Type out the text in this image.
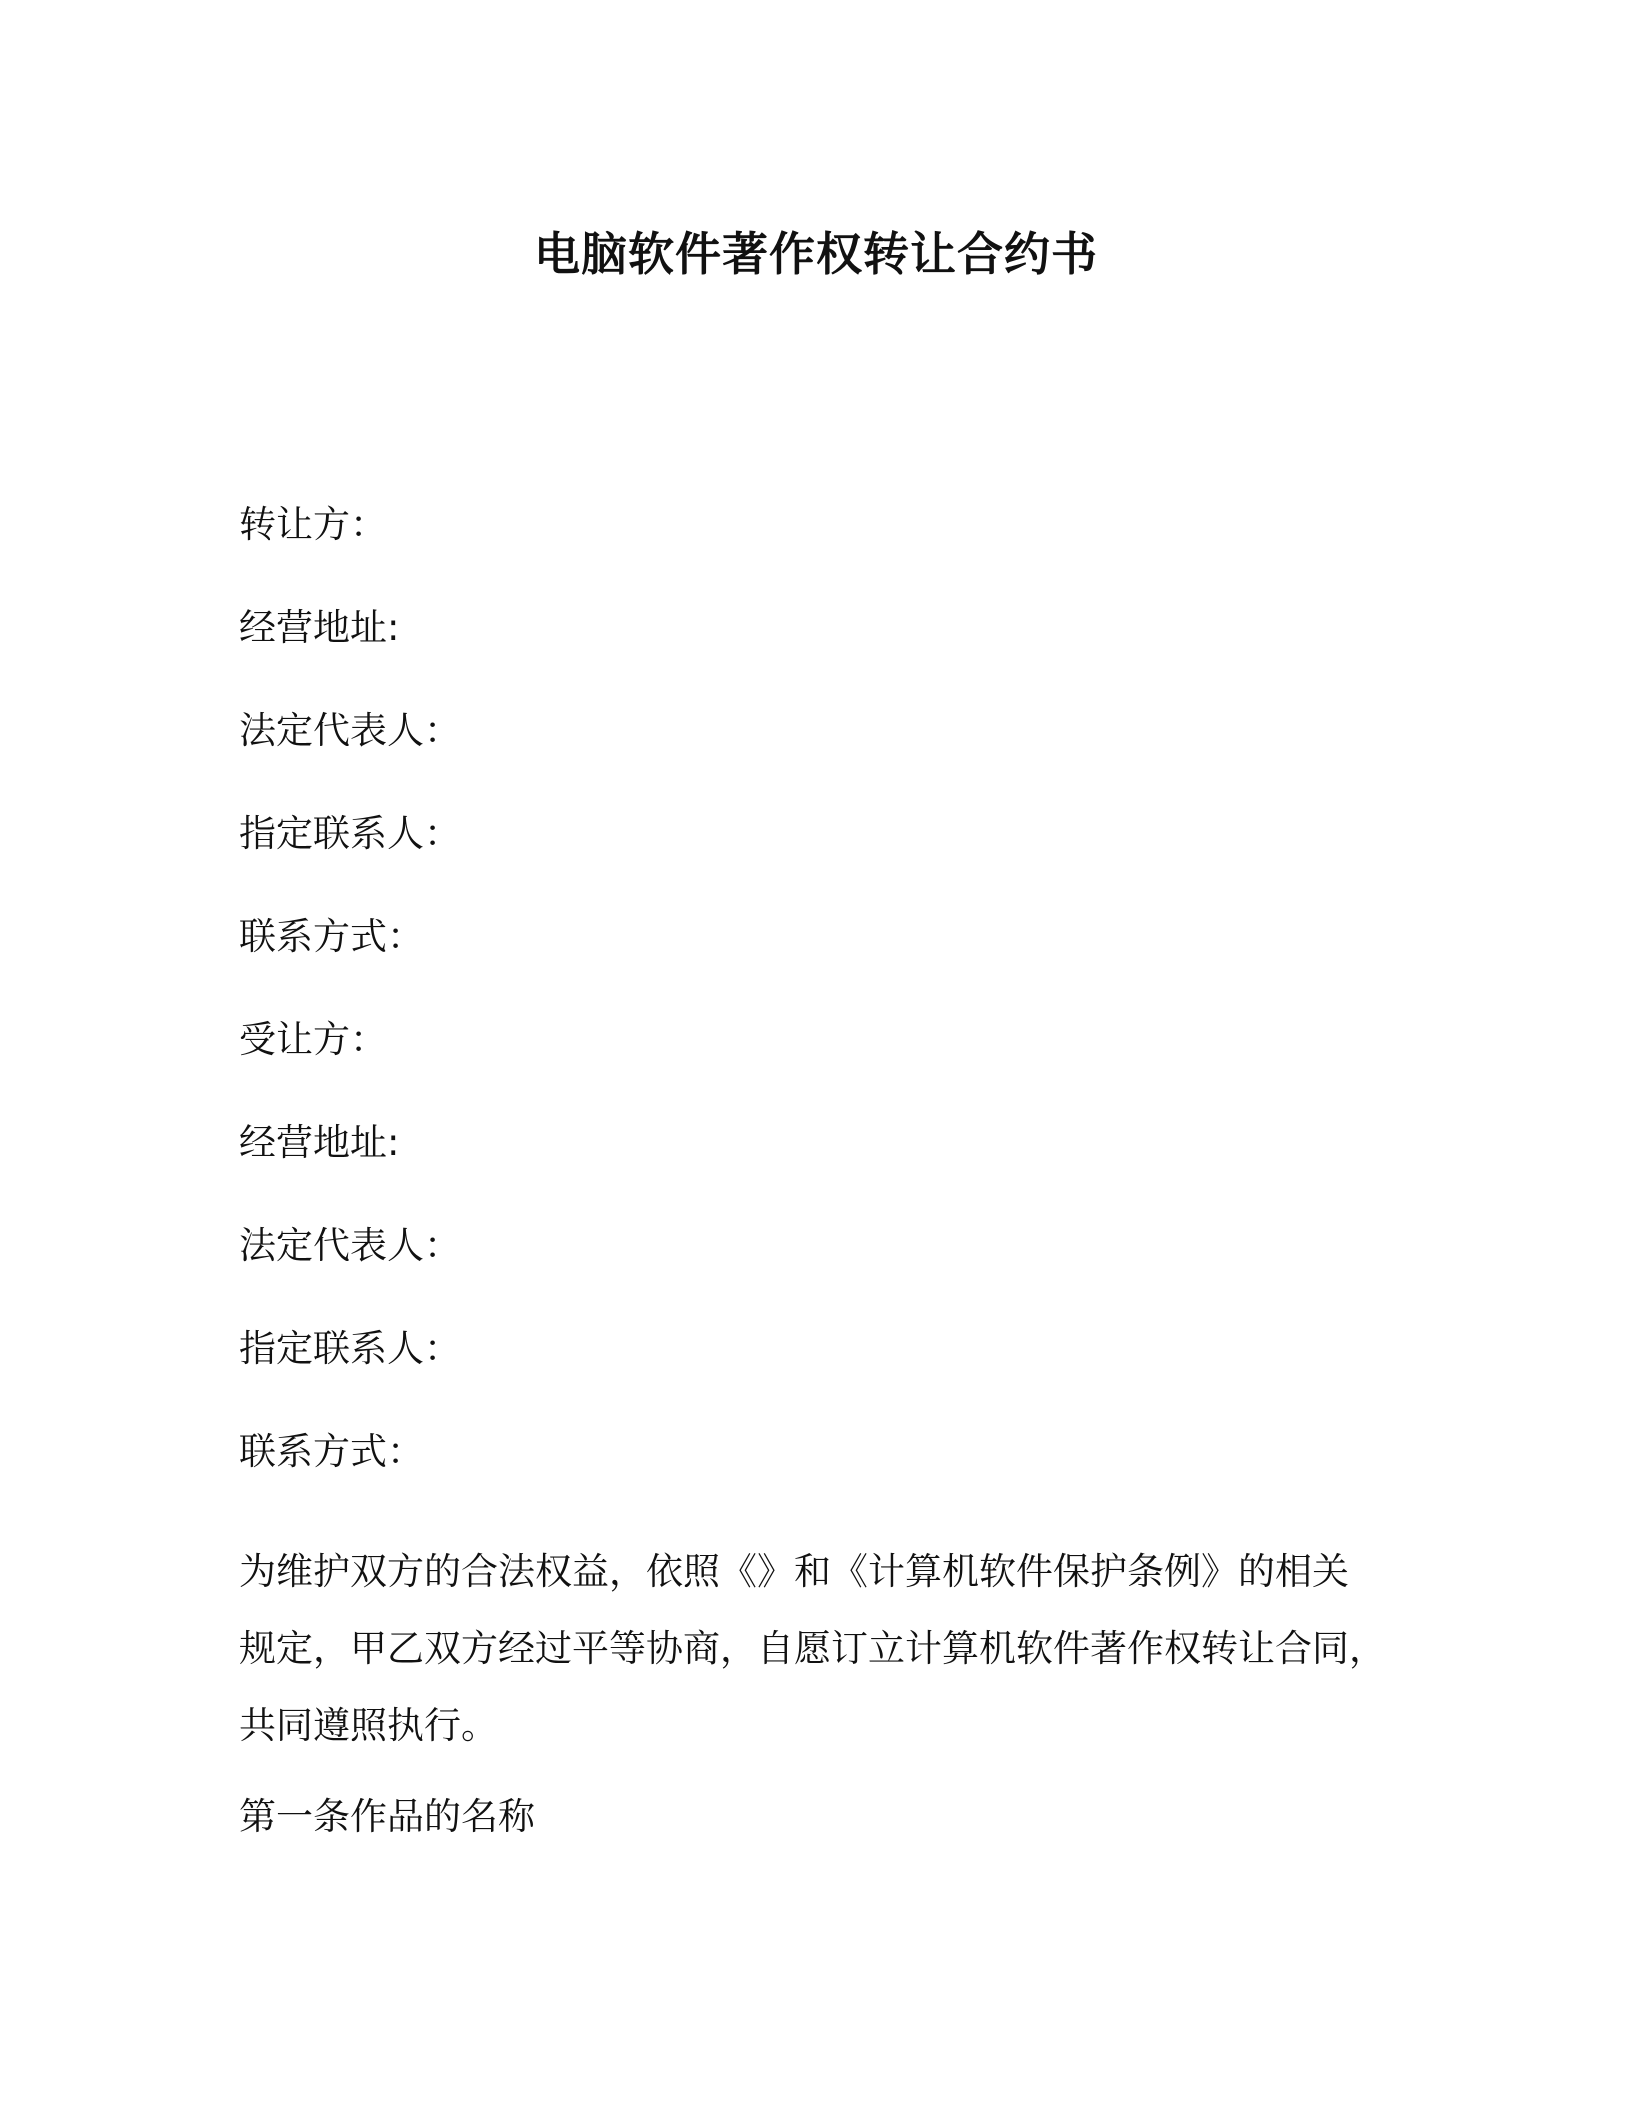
电脑软件著作权转让合约书

转让方：

经营地址:

法定代表人：

指定联系人：

联系方式：

受让方：

经营地址:

法定代表人：

指定联系人：

联系方式：

为维护双方的合法权益，依照《》和《计算机软件保护条例》的相关
规定，甲乙双方经过平等协商，自愿订立计算机软件著作权转让合同，
共同遵照执行。

第一条作品的名称
